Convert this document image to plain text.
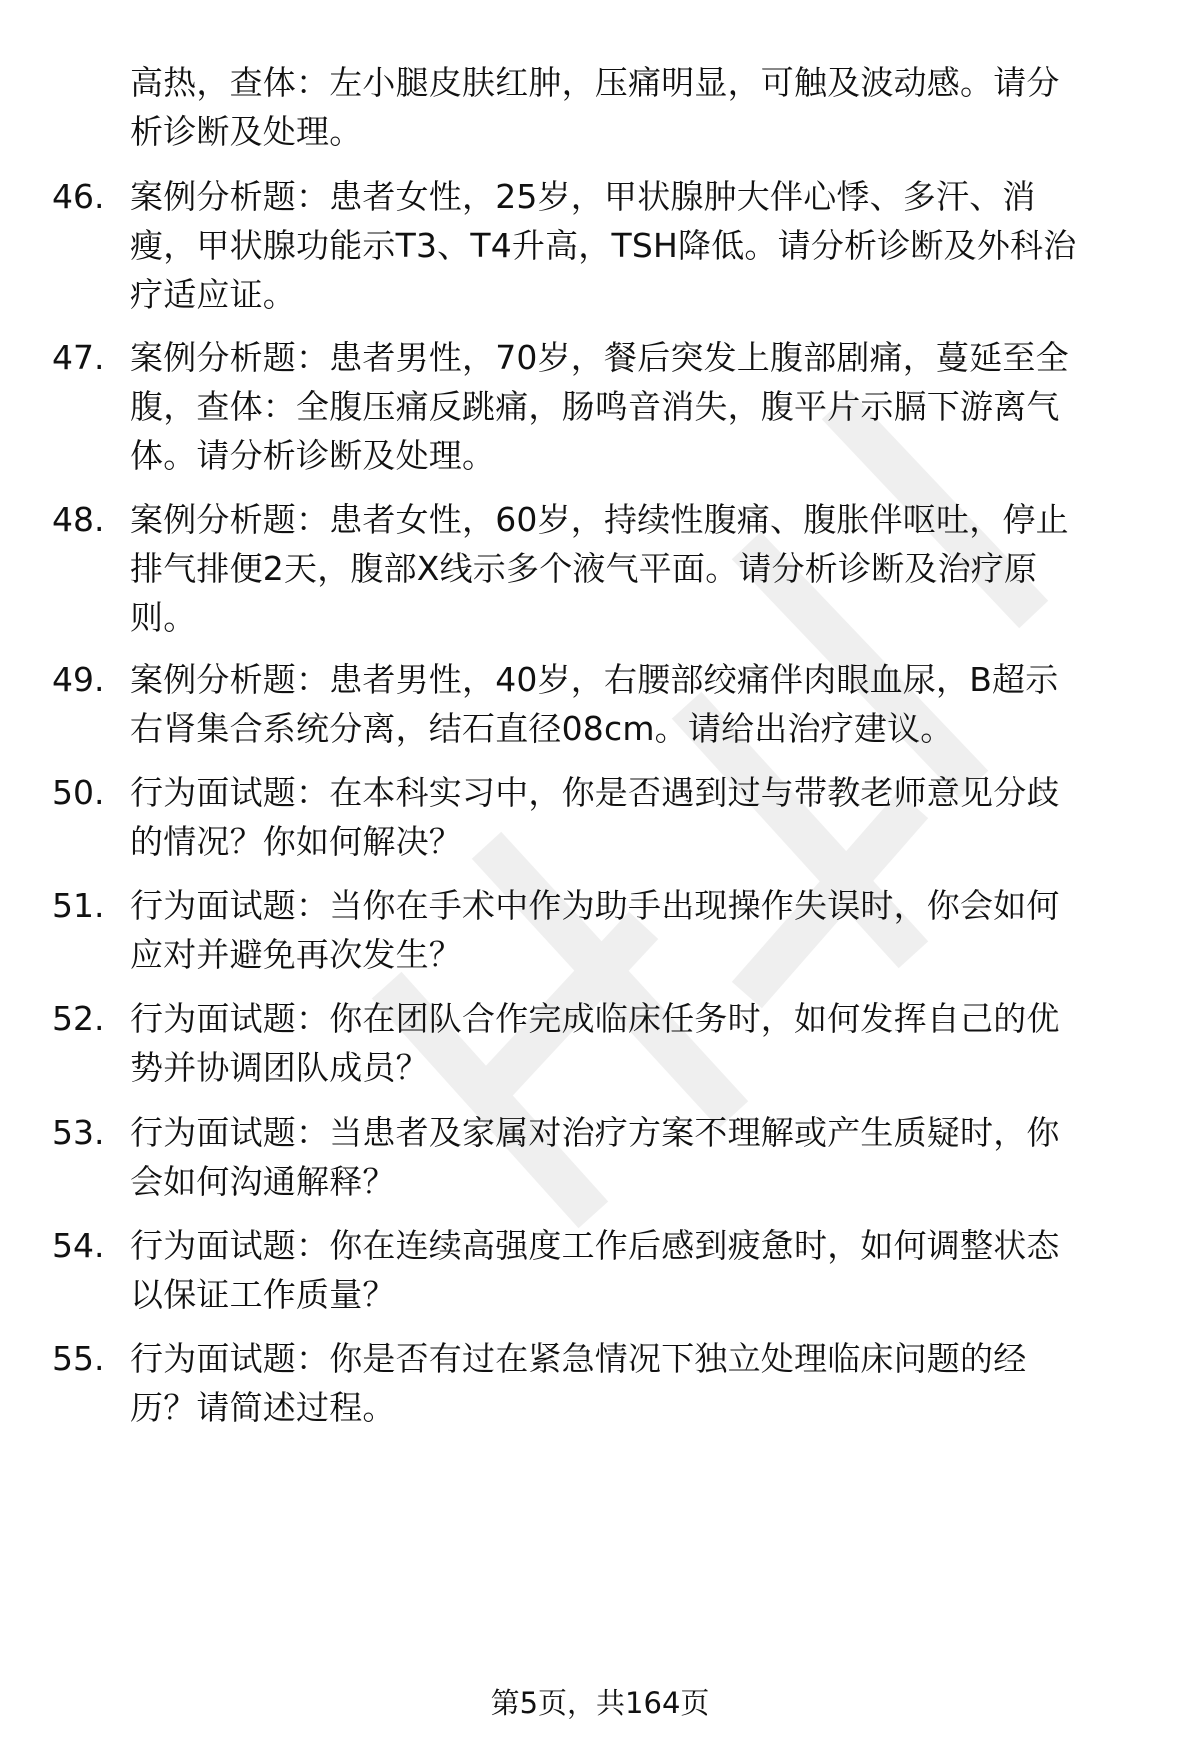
高热，查体：左小腿皮肤红肿，压痛明显，可触及波动感。请分
析诊断及处理。
46. 案例分析题：患者女性，25岁，甲状腺肿大伴心悸、多汗、消
瘦，甲状腺功能示T3、T4升高，TSH降低。请分析诊断及外科治
疗适应证。
47. 案例分析题：患者男性，70岁，餐后突发上腹部剧痛，蔓延至全
腹，查体：全腹压痛反跳痛，肠鸣音消失，腹平片示膈下游离气
体。请分析诊断及处理。
48. 案例分析题：患者女性，60岁，持续性腹痛、腹胀伴呕吐，停止
排气排便2天，腹部X线示多个液气平面。请分析诊断及治疗原
则。
49. 案例分析题：患者男性，40岁，右腰部绞痛伴肉眼血尿，B超示
右肾集合系统分离，结石直径08cm。请给出治疗建议。
50. 行为面试题：在本科实习中，你是否遇到过与带教老师意见分歧
的情况？你如何解决？
51. 行为面试题：当你在手术中作为助手出现操作失误时，你会如何
应对并避免再次发生？
52. 行为面试题：你在团队合作完成临床任务时，如何发挥自己的优
势并协调团队成员？
53. 行为面试题：当患者及家属对治疗方案不理解或产生质疑时，你
会如何沟通解释？
54. 行为面试题：你在连续高强度工作后感到疲惫时，如何调整状态
以保证工作质量？
55. 行为面试题：你是否有过在紧急情况下独立处理临床问题的经
历？请简述过程。
第5页，共164页
